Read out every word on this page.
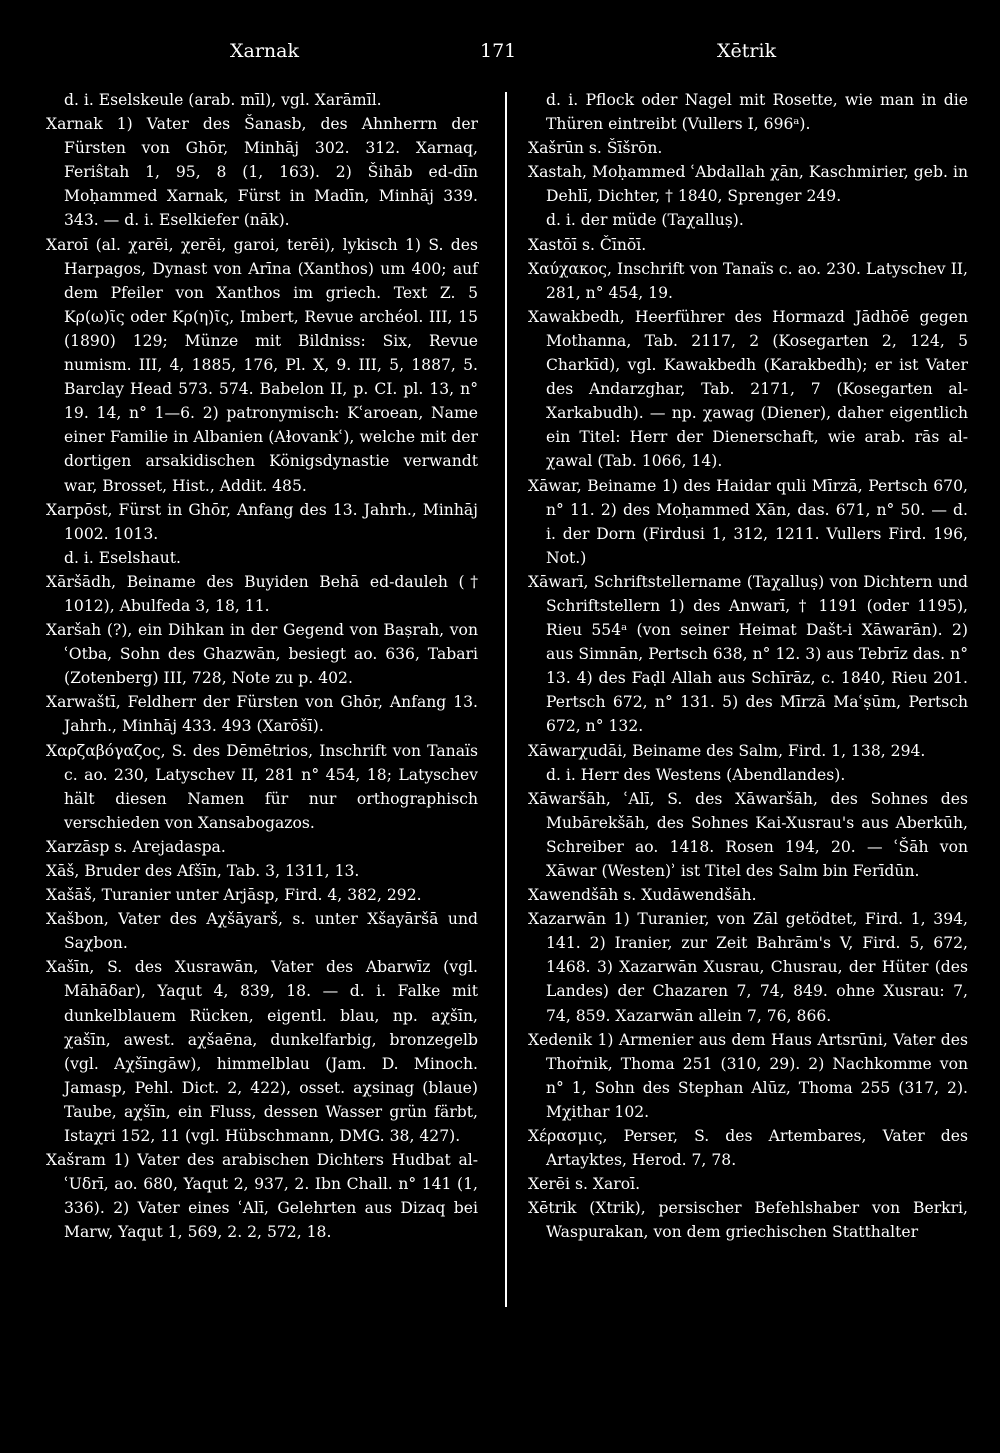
Xarnak	171	Xētrik

d. i. Eselskeule (arab. mīl), vgl. Xarāmīl.

Xarnak 1) Vater des Šanasb, des Ahnherrn der Fürsten von Ghōr, Minhāj 302. 312. Xarnaq, Feriŝtah 1, 95, 8 (1, 163). 2) Šihāb ed-dīn Moḥammed Xarnak, Fürst in Madīn, Minhāj 339. 343. — d. i. Eselkiefer (nāk).

Xaroī (al. χarēi, χerēi, garoi, terēi), lykisch 1) S. des Harpagos, Dynast von Arīna (Xanthos) um 400; auf dem Pfeiler von Xanthos im griech. Text Z. 5 Κρ(ω)ῖς oder Κρ(η)ῖς, Imbert, Revue archéol. III, 15 (1890) 129; Münze mit Bildniss: Six, Revue numism. III, 4, 1885, 176, Pl. X, 9. III, 5, 1887, 5. Barclay Head 573. 574. Babelon II, p. CI. pl. 13, n° 19. 14, n° 1—6. 2) patronymisch: Kʿaroean, Name einer Familie in Albanien (Aɫovankʿ), welche mit der dortigen arsakidischen Königsdynastie verwandt war, Brosset, Hist., Addit. 485.

Xarpōst, Fürst in Ghōr, Anfang des 13. Jahrh., Minhāj 1002. 1013.

d. i. Eselshaut.

Xāršādh, Beiname des Buyiden Behā ed-dauleh († 1012), Abulfeda 3, 18, 11.

Xaršah (?), ein Dihkan in der Gegend von Baṣrah, von ʿOtba, Sohn des Ghazwān, besiegt ao. 636, Tabari (Zotenberg) III, 728, Note zu p. 402.

Xarwaštī, Feldherr der Fürsten von Ghōr, Anfang 13. Jahrh., Minhāj 433. 493 (Xarōšī).

Χαρζαβόγαζος, S. des Dēmētrios, Inschrift von Tanaïs c. ao. 230, Latyschev II, 281 n° 454, 18; Latyschev hält diesen Namen für nur orthographisch verschieden von Xansabogazos.

Xarzāsp s. Arejadaspa.

Xāš, Bruder des Afšīn, Tab. 3, 1311, 13.

Xašāš, Turanier unter Arjāsp, Fird. 4, 382, 292.

Xašbon, Vater des Aχšāyarš, s. unter Xšayāršā und Saχbon.

Xašīn, S. des Xusrawān, Vater des Abarwīz (vgl. Māhāδar), Yaqut 4, 839, 18. — d. i. Falke mit dunkelblauem Rücken, eigentl. blau, np. aχšīn, χašīn, awest. aχšaēna, dunkelfarbig, bronzegelb (vgl. Aχšīngāw), himmelblau (Jam. D. Minoch. Jamasp, Pehl. Dict. 2, 422), osset. aχsinag (blaue) Taube, aχšīn, ein Fluss, dessen Wasser grün färbt, Istaχri 152, 11 (vgl. Hübschmann, DMG. 38, 427).

Xašram 1) Vater des arabischen Dichters Hudbat al-ʿUδrī, ao. 680, Yaqut 2, 937, 2. Ibn Chall. n° 141 (1, 336). 2) Vater eines ʿAlī, Gelehrten aus Dizaq bei Marw, Yaqut 1, 569, 2. 2, 572, 18.

d. i. Pflock oder Nagel mit Rosette, wie man in die Thüren eintreibt (Vullers I, 696ᵃ).

Xašrūn s. Šīšrōn.

Xastah, Moḥammed ʿAbdallah χān, Kaschmirier, geb. in Dehlī, Dichter, † 1840, Sprenger 249.

d. i. der müde (Taχalluṣ).

Xastōī s. Čīnōī.

Χαύχακος, Inschrift von Tanaïs c. ao. 230. Latyschev II, 281, n° 454, 19.

Xawakbedh, Heerführer des Hormazd Jādhōē gegen Mothanna, Tab. 2117, 2 (Kosegarten 2, 124, 5 Charkīd), vgl. Kawakbedh (Karakbedh); er ist Vater des Andarzghar, Tab. 2171, 7 (Kosegarten al-Xarkabudh). — np. χawag (Diener), daher eigentlich ein Titel: Herr der Dienerschaft, wie arab. rās al-χawal (Tab. 1066, 14).

Xāwar, Beiname 1) des Haidar quli Mīrzā, Pertsch 670, n° 11. 2) des Moḥammed Xān, das. 671, n° 50. — d. i. der Dorn (Firdusi 1, 312, 1211. Vullers Fird. 196, Not.)

Xāwarī, Schriftstellername (Taχalluṣ) von Dichtern und Schriftstellern 1) des Anwarī, † 1191 (oder 1195), Rieu 554ᵃ (von seiner Heimat Dašt-i Xāwarān). 2) aus Simnān, Pertsch 638, n° 12. 3) aus Tebrīz das. n° 13. 4) des Faḍl Allah aus Schīrāz, c. 1840, Rieu 201. Pertsch 672, n° 131. 5) des Mīrzā Maʿṣūm, Pertsch 672, n° 132.

Xāwarχudāi, Beiname des Salm, Fird. 1, 138, 294.

d. i. Herr des Westens (Abendlandes).

Xāwaršāh, ʿAlī, S. des Xāwaršāh, des Sohnes des Mubārekšāh, des Sohnes Kai-Xusrau's aus Aberkūh, Schreiber ao. 1418. Rosen 194, 20. — ʿŠāh von Xāwar (Westen)ʾ ist Titel des Salm bin Ferīdūn.

Xawendšāh s. Xudāwendšāh.

Xazarwān 1) Turanier, von Zāl getödtet, Fird. 1, 394, 141. 2) Iranier, zur Zeit Bahrām's V, Fird. 5, 672, 1468. 3) Xazarwān Xusrau, Chusrau, der Hüter (des Landes) der Chazaren 7, 74, 849. ohne Xusrau: 7, 74, 859. Xazarwān allein 7, 76, 866.

Xedenik 1) Armenier aus dem Haus Artsrūni, Vater des Thoṙnik, Thoma 251 (310, 29). 2) Nachkomme von n° 1, Sohn des Stephan Alūz, Thoma 255 (317, 2). Mχithar 102.

Χέρασμις, Perser, S. des Artembares, Vater des Artayktes, Herod. 7, 78.

Xerēi s. Xaroī.

Xētrik (Xtrik), persischer Befehlshaber von Berkri, Waspurakan, von dem griechischen Statthalter
